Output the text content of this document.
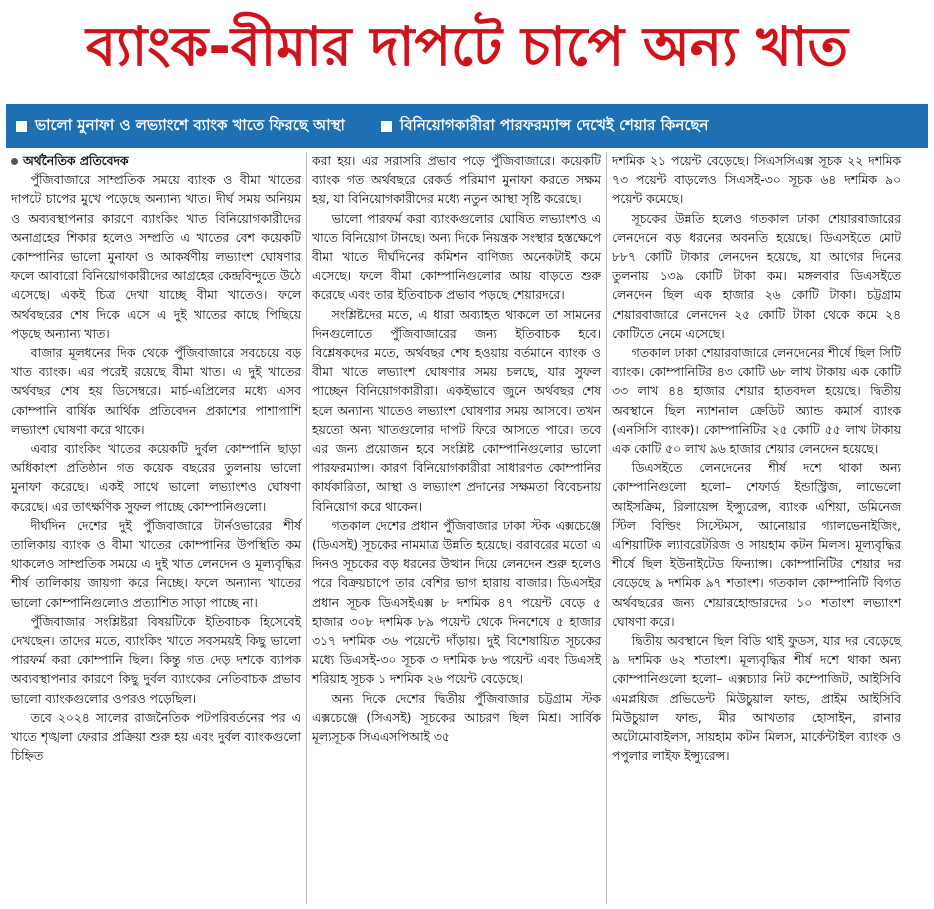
ব্যাংক-বীমার দাপটে চাপে অন্য খাত
ভালো মুনাফা ও লভ্যাংশে ব্যাংক খাতে ফিরছে আস্থা	বিনিয়োগকারীরা পারফরম্যান্স দেখেই শেয়ার কিনছেন
অর্থনৈতিক প্রতিবেদক

পুঁজিবাজারে সাম্প্রতিক সময়ে ব্যাংক ও বীমা খাতের দাপটে চাপের মুখে পড়েছে অন্যান্য খাত। দীর্ঘ সময় অনিয়ম ও অব্যবস্থাপনার কারণে ব্যাংকিং খাত বিনিয়োগকারীদের অনাগ্রহের শিকার হলেও সম্প্রতি এ খাতের বেশ কয়েকটি কোম্পানির ভালো মুনাফা ও আকর্ষণীয় লভ্যাংশ ঘোষণার ফলে আবারো বিনিয়োগকারীদের আগ্রহের কেন্দ্রবিন্দুতে উঠে এসেছে। একই চিত্র দেখা যাচ্ছে বীমা খাতেও। ফলে অর্থবছরের শেষ দিকে এসে এ দুই খাতের কাছে পিছিয়ে পড়ছে অন্যান্য খাত।

বাজার মূলধনের দিক থেকে পুঁজিবাজারে সবচেয়ে বড় খাত ব্যাংক। এর পরেই রয়েছে বীমা খাত। এ দুই খাতের অর্থবছর শেষ হয় ডিসেম্বরে। মার্চ-এপ্রিলের মধ্যে এসব কোম্পানি বার্ষিক আর্থিক প্রতিবেদন প্রকাশের পাশাপাশি লভ্যাংশ ঘোষণা করে থাকে।

এবার ব্যাংকিং খাতের কয়েকটি দুর্বল কোম্পানি ছাড়া অধিকাংশ প্রতিষ্ঠান গত কয়েক বছরের তুলনায় ভালো মুনাফা করেছে। একই সাথে ভালো লভ্যাংশও ঘোষণা করেছে। এর তাৎক্ষণিক সুফল পাচ্ছে কোম্পানিগুলো।

দীর্ঘদিন দেশের দুই পুঁজিবাজারে টার্নওভারের শীর্ষ তালিকায় ব্যাংক ও বীমা খাতের কোম্পানির উপস্থিতি কম থাকলেও সাম্প্রতিক সময়ে এ দুই খাত লেনদেন ও মূল্যবৃদ্ধির শীর্ষ তালিকায় জায়গা করে নিচ্ছে। ফলে অন্যান্য খাতের ভালো কোম্পানিগুলোও প্রত্যাশিত সাড়া পাচ্ছে না।

পুঁজিবাজার সংশ্লিষ্টরা বিষয়টিকে ইতিবাচক হিসেবেই দেখছেন। তাদের মতে, ব্যাংকিং খাতে সবসময়ই কিছু ভালো পারফর্ম করা কোম্পানি ছিল। কিন্তু গত দেড় দশকে ব্যাপক অব্যবস্থাপনার কারণে কিছু দুর্বল ব্যাংকের নেতিবাচক প্রভাব ভালো ব্যাংকগুলোর ওপরও পড়েছিল।

তবে ২০২৪ সালের রাজনৈতিক পটপরিবর্তনের পর এ খাতে শৃঙ্খলা ফেরার প্রক্রিয়া শুরু হয় এবং দুর্বল ব্যাংকগুলো চিহ্নিত

করা হয়। এর সরাসরি প্রভাব পড়ে পুঁজিবাজারে। কয়েকটি ব্যাংক গত অর্থবছরে রেকর্ড পরিমাণ মুনাফা করতে সক্ষম হয়, যা বিনিয়োগকারীদের মধ্যে নতুন আস্থা সৃষ্টি করেছে।

ভালো পারফর্ম করা ব্যাংকগুলোর ঘোষিত লভ্যাংশও এ খাতে বিনিয়োগ টানছে। অন্য দিকে নিয়ন্ত্রক সংস্থার হস্তক্ষেপে বীমা খাতে দীর্ঘদিনের কমিশন বাণিজ্য অনেকটাই কমে এসেছে। ফলে বীমা কোম্পানিগুলোর আয় বাড়তে শুরু করেছে এবং তার ইতিবাচক প্রভাব পড়ছে শেয়ারদরে।

সংশ্লিষ্টদের মতে, এ ধারা অব্যাহত থাকলে তা সামনের দিনগুলোতে পুঁজিবাজারের জন্য ইতিবাচক হবে। বিশ্লেষকদের মতে, অর্থবছর শেষ হওয়ায় বর্তমানে ব্যাংক ও বীমা খাতে লভ্যাংশ ঘোষণার সময় চলছে, যার সুফল পাচ্ছেন বিনিয়োগকারীরা। একইভাবে জুনে অর্থবছর শেষ হলে অন্যান্য খাতেও লভ্যাংশ ঘোষণার সময় আসবে। তখন হয়তো অন্য খাতগুলোর দাপট ফিরে আসতে পারে। তবে এর জন্য প্রয়োজন হবে সংশ্লিষ্ট কোম্পানিগুলোর ভালো পারফরম্যান্স। কারণ বিনিয়োগকারীরা সাধারণত কোম্পানির কার্যকারিতা, আস্থা ও লভ্যাংশ প্রদানের সক্ষমতা বিবেচনায় বিনিয়োগ করে থাকেন।

গতকাল দেশের প্রধান পুঁজিবাজার ঢাকা স্টক এক্সচেঞ্জে (ডিএসই) সূচকের নামমাত্র উন্নতি হয়েছে। বরাবরের মতো এ দিনও সূচকের বড় ধরনের উত্থান দিয়ে লেনদেন শুরু হলেও পরে বিক্রয়চাপে তার বেশির ভাগ হারায় বাজার। ডিএসইর প্রধান সূচক ডিএসইএক্স ৮ দশমিক ৪৭ পয়েন্ট বেড়ে ৫ হাজার ৩০৮ দশমিক ৮৯ পয়েন্ট থেকে দিনশেষে ৫ হাজার ৩১৭ দশমিক ৩৬ পয়েন্টে দাঁড়ায়। দুই বিশেষায়িত সূচকের মধ্যে ডিএসই-৩০ সূচক ৩ দশমিক ৮৬ পয়েন্ট এবং ডিএসই শরিয়াহ সূচক ১ দশমিক ২৬ পয়েন্ট বেড়েছে।

অন্য দিকে দেশের দ্বিতীয় পুঁজিবাজার চট্টগ্রাম স্টক এক্সচেঞ্জে (সিএসই) সূচকের আচরণ ছিল মিশ্র। সার্বিক মূল্যসূচক সিএএসপিআই ৩৫

দশমিক ২১ পয়েন্ট বেড়েছে। সিএসসিএক্স সূচক ২২ দশমিক ৭৩ পয়েন্ট বাড়লেও সিএসই-৩০ সূচক ৬৪ দশমিক ৯০ পয়েন্ট কমেছে।

সূচকের উন্নতি হলেও গতকাল ঢাকা শেয়ারবাজারের লেনদেনে বড় ধরনের অবনতি হয়েছে। ডিএসইতে মোট ৮৮৭ কোটি টাকার লেনদেন হয়েছে, যা আগের দিনের তুলনায় ১৩৯ কোটি টাকা কম। মঙ্গলবার ডিএসইতে লেনদেন ছিল এক হাজার ২৬ কোটি টাকা। চট্টগ্রাম শেয়ারবাজারে লেনদেন ২৫ কোটি টাকা থেকে কমে ২৪ কোটিতে নেমে এসেছে।

গতকাল ঢাকা শেয়ারবাজারে লেনদেনের শীর্ষে ছিল সিটি ব্যাংক। কোম্পানিটির ৪৩ কোটি ৬৮ লাখ টাকায় এক কোটি ৩৩ লাখ ৪৪ হাজার শেয়ার হাতবদল হয়েছে। দ্বিতীয় অবস্থানে ছিল ন্যাশনাল ক্রেডিট অ্যান্ড কমার্স ব্যাংক (এনসিসি ব্যাংক)। কোম্পানিটির ২৫ কোটি ৫৫ লাখ টাকায় এক কোটি ৫০ লাখ ৯৬ হাজার শেয়ার লেনদেন হয়েছে।

ডিএসইতে লেনদেনের শীর্ষ দশে থাকা অন্য কোম্পানিগুলো হলো– শেফার্ড ইন্ডাস্ট্রিজ, লাভেলো আইসক্রিম, রিলায়েন্স ইন্স্যুরেন্স, ব্যাংক এশিয়া, ডমিনেজ স্টিল বিল্ডিং সিস্টেমস, আনোয়ার গ্যালভেনাইজিং, এশিয়াটিক ল্যাবরেটরিজ ও সায়হাম কটন মিলস। মূল্যবৃদ্ধির শীর্ষে ছিল ইউনাইটেড ফিন্যান্স। কোম্পানিটির শেয়ার দর বেড়েছে ৯ দশমিক ৯৭ শতাংশ। গতকাল কোম্পানিটি বিগত অর্থবছরের জন্য শেয়ারহোল্ডারদের ১০ শতাংশ লভ্যাংশ ঘোষণা করে।

দ্বিতীয় অবস্থানে ছিল বিডি থাই ফুডস, যার দর বেড়েছে ৯ দশমিক ৬২ শতাংশ। মূল্যবৃদ্ধির শীর্ষ দশে থাকা অন্য কোম্পানিগুলো হলো– এক্সচ্যার নিট কম্পোজিট, আইসিবি এমপ্লয়িজ প্রভিডেন্ট মিউচুয়াল ফান্ড, প্রাইম আইসিবি মিউচুয়াল ফান্ড, মীর আখতার হোসাইন, রানার অটোমোবাইলস, সায়হাম কটন মিলস, মার্কেন্টাইল ব্যাংক ও পপুলার লাইফ ইন্স্যুরেন্স।
